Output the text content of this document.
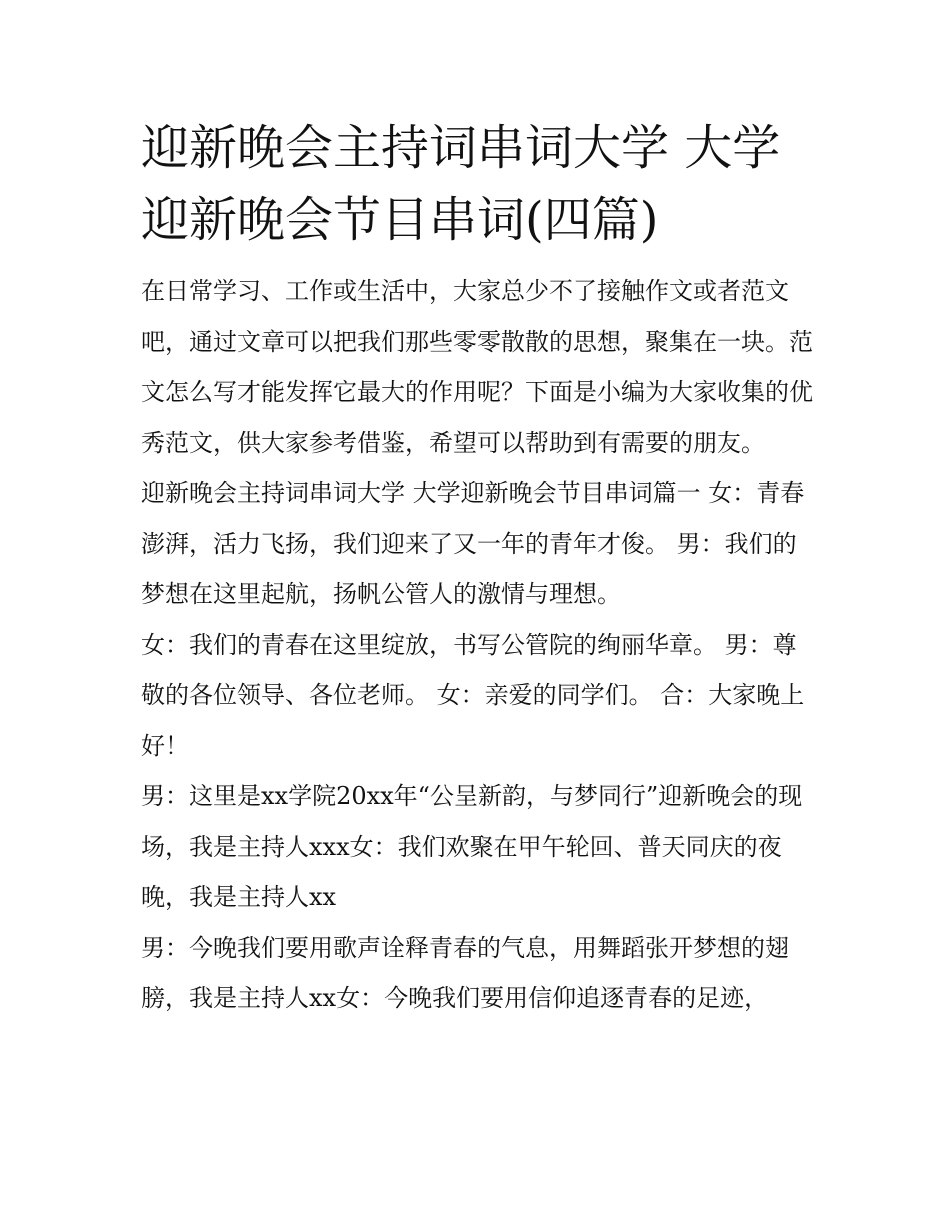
迎新晚会主持词串词大学 大学迎新晚会节目串词(四篇)

在日常学习、工作或生活中，大家总少不了接触作文或者范文吧，通过文章可以把我们那些零零散散的思想，聚集在一块。范文怎么写才能发挥它最大的作用呢？下面是小编为大家收集的优秀范文，供大家参考借鉴，希望可以帮助到有需要的朋友。

迎新晚会主持词串词大学 大学迎新晚会节目串词篇一 女：青春澎湃，活力飞扬，我们迎来了又一年的青年才俊。 男：我们的梦想在这里起航，扬帆公管人的激情与理想。

女：我们的青春在这里绽放，书写公管院的绚丽华章。 男：尊敬的各位领导、各位老师。 女：亲爱的同学们。 合：大家晚上好！

男：这里是xx学院20xx年“公呈新韵，与梦同行”迎新晚会的现场，我是主持人xxx女：我们欢聚在甲午轮回、普天同庆的夜晚，我是主持人xx

男：今晚我们要用歌声诠释青春的气息，用舞蹈张开梦想的翅膀，我是主持人xx女：今晚我们要用信仰追逐青春的足迹，
